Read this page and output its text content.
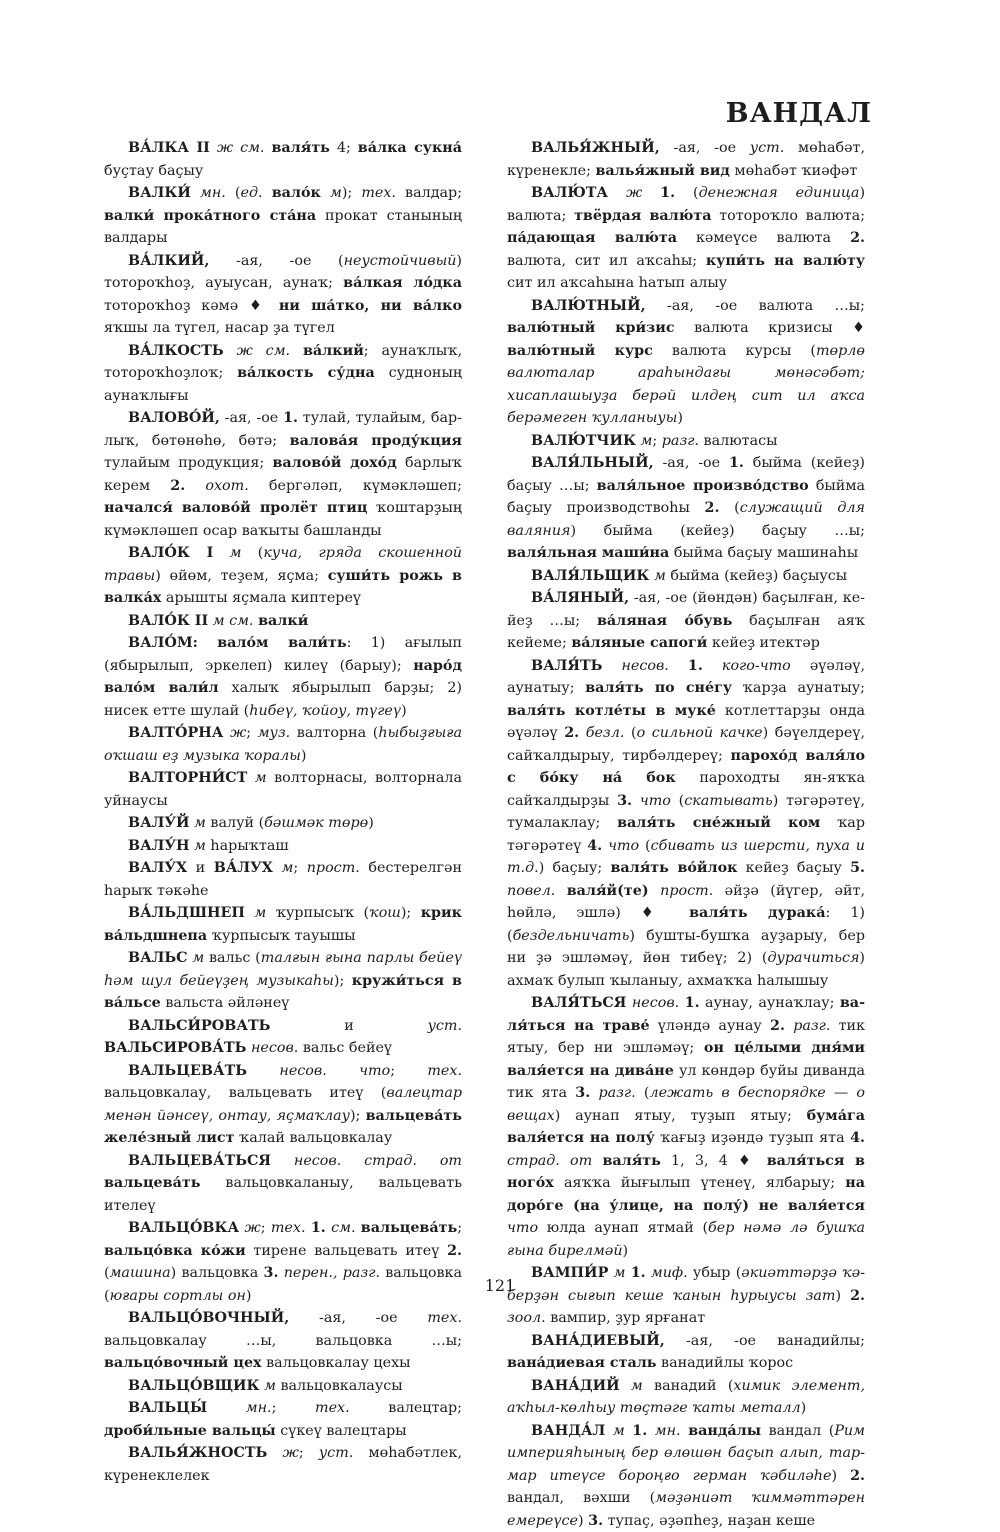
ВАНДАЛ

ВА́ЛКА II ж см. валя́ть 4; ва́лка сукна́ буҫтау баҫыу

ВАЛКИ́ мн. (ед. вало́к м); тех. валдар; валки́ прока́тного ста́на прокат станының валдары

ВА́ЛКИЙ, -ая, -ое (неустойчивый) тотороҡһоҙ, ауыусан, аунаҡ; ва́лкая ло́дка тотороҡһоҙ кәмә ♦ ни ша́тко, ни ва́лко яҡшы ла түгел, насар ҙа түгел

ВА́ЛКОСТЬ ж см. ва́лкий; аунаҡлыҡ, тотороҡһоҙлоҡ; ва́лкость су́дна судноның аунаҡлығы

ВАЛОВО́Й, -ая, -ое 1. тулай, тулайым, барлыҡ, бөтөнөһө, бөтә; валова́я проду́кция тулайым продукция; валово́й дохо́д барлыҡ керем 2. охот. бергәләп, күмәкләшеп; начался́ валово́й пролёт птиц ҡоштарҙың күмәкләшеп осар ваҡыты башланды

ВАЛО́К I м (куча, гряда скошенной травы) өйөм, теҙем, яҫма; суши́ть рожь в валка́х арышты яҫмала киптереү

ВАЛО́К II м см. валки́

ВАЛО́М: вало́м вали́ть: 1) ағылып (ябырылып, эркелеп) килеү (барыу); наро́д вало́м вали́л халыҡ ябырылып барҙы; 2) нисек етте шулай (һибеү, ҡойоу, түгеү)

ВАЛТО́РНА ж; муз. валторна (һыбыҙғыға оҡшаш еҙ музыка ҡоралы)

ВАЛТОРНИ́СТ м волторнасы, волторнала уйнаусы

ВАЛУ́Й м валуй (бәшмәк төрө)

ВАЛУ́Н м һарыҡташ

ВАЛУ́Х и ВА́ЛУХ м; прост. бестерелгән һарыҡ тәкәһе

ВА́ЛЬДШНЕП м ҡурпысыҡ (ҡош); крик ва́льдшнепа ҡурпысыҡ тауышы

ВАЛЬС м вальс (талғын ғына парлы бейеү һәм шул бейеүҙең музыкаһы); кружи́ться в ва́льсе вальста әйләнеү

ВАЛЬСИ́РОВАТЬ и уст. ВАЛЬСИРОВА́ТЬ несов. вальс бейеү

ВАЛЬЦЕВА́ТЬ несов. что; тех. вальцовкалау, вальцевать итеү (валецтар менән йәнсеү, онтау, яҫмаҡлау); вальцева́ть желе́зный лист ҡалай вальцовкалау

ВАЛЬЦЕВА́ТЬСЯ несов. страд. от вальцева́ть вальцовкаланыу, вальцевать ителеү

ВАЛЬЦО́ВКА ж; тех. 1. см. вальцева́ть; вальцо́вка ко́жи тирене вальцевать итеү 2. (машина) вальцовка 3. перен., разг. вальцовка (юғары сортлы он)

ВАЛЬЦО́ВОЧНЫЙ, -ая, -ое тех. вальцовкалау …ы, вальцовка …ы; вальцо́вочный цех вальцовкалау цехы

ВАЛЬЦО́ВЩИК м вальцовкалаусы

ВАЛЬЦЫ́	мн.; тех. валецтар; дроби́льные вальцы́ сүкеү валецтары

ВАЛЬЯ́ЖНОСТЬ ж; уст. мөһабәтлек, күренеклелек

ВАЛЬЯ́ЖНЫЙ, -ая, -ое уст. мөһабәт, күренекле; валья́жный вид мөһабәт ҡиәфәт

ВАЛЮ́ТА ж 1. (денежная единица) валюта; твёрдая валю́та тотороҡло валюта; па́дающая валю́та кәмеүсе валюта 2. валюта, сит ил аҡсаһы; купи́ть на валю́ту сит ил аҡсаһына һатып алыу

ВАЛЮ́ТНЫЙ, -ая, -ое валюта …ы; валю́тный кри́зис валюта кризисы ♦ валю́тный курс валюта курсы (төрлө валюталар араһындағы мөнәсәбәт; хисаплашыуҙа берәй илдең сит ил аҡса берәмеген ҡулланыуы)

ВАЛЮ́ТЧИК м; разг. валютасы

ВАЛЯ́ЛЬНЫЙ, -ая, -ое 1. быйма (кейеҙ) баҫыу …ы; валя́льное произво́дство быйма баҫыу производствоһы 2. (служащий для валяния) быйма (кейеҙ) баҫыу …ы; валя́льная маши́на быйма баҫыу машинаһы

ВАЛЯ́ЛЬЩИК м быйма (кейеҙ) баҫыусы

ВА́ЛЯНЫЙ, -ая, -ое (йөндән) баҫылған, кейеҙ …ы; ва́ляная о́бувь баҫылған аяҡ кейеме; ва́ляные сапоги́ кейеҙ итектәр

ВАЛЯ́ТЬ несов. 1. кого-что әүәләү, аунатыу; валя́ть по сне́гу ҡарҙа аунатыу; валя́ть котле́ты в муке́ котлеттарҙы онда әүәләү 2. безл. (о сильной качке) бәүелдереү, сайҡалдырыу, тирбәлдереү; парохо́д валя́ло с бо́ку на́ бок пароходты ян-яҡҡа сайҡалдырҙы 3. что (скатывать) тәгәрәтеү, тумалаклау; валя́ть сне́жный ком ҡар тәгәрәтеү 4. что (сбивать из шерсти, пуха и т.д.) баҫыу; валя́ть во́йлок кейеҙ баҫыу 5. повел. валя́й(те) прост. әйҙә (йүгер, әйт, һөйлә, эшлә) ♦ валя́ть дурака́: 1) (бездельничать) бушты-бушҡа ауҙарыу, бер ни ҙә эшләмәү, йөн тибеү; 2) (дурачиться) ахмаҡ булып ҡыланыу, ахмаҡҡа һалышыу

ВАЛЯ́ТЬСЯ несов. 1. аунау, аунаҡлау; валя́ться на траве́ үләндә аунау 2. разг. тик ятыу, бер ни эшләмәү; он це́лыми дня́ми валя́ется на дива́не ул көндәр буйы диванда тик ята 3. разг. (лежать в беспорядке — о вещах) аунап ятыу, туҙып ятыу; бума́га валя́ется на полу́ ҡағыҙ иҙәндә туҙып ята 4. страд. от валя́ть 1, 3, 4 ♦ валя́ться в ного́х аяҡҡа йығылып үтенеү, ялбарыу; на доро́ге (на у́лице, на полу́) не валя́ется что юлда аунап ятмай (бер нәмә лә бушҡа ғына бирелмәй)

ВАМПИ́Р м 1. миф. убыр (әкиәттәрҙә ҡәберҙән сығып кеше ҡанын һурыусы зат) 2. зоол. вампир, ҙур ярғанат

ВАНА́ДИЕВЫЙ, -ая, -ое ванадийлы; вана́диевая сталь ванадийлы ҡорос

ВАНА́ДИЙ м ванадий (химик элемент, аҡһыл-көлһыу төҫтәге ҡаты металл)

ВАНДА́Л м 1. мн. ванда́лы вандал (Рим империяһының бер өлөшөн баҫып алып, тар-мар итеүсе бороңғо герман ҡәбиләһе) 2. вандал, вәхши (мәҙәниәт ҡиммәттәрен емереүсе) 3. тупаҫ, әҙәпһеҙ, наҙан кеше

121
